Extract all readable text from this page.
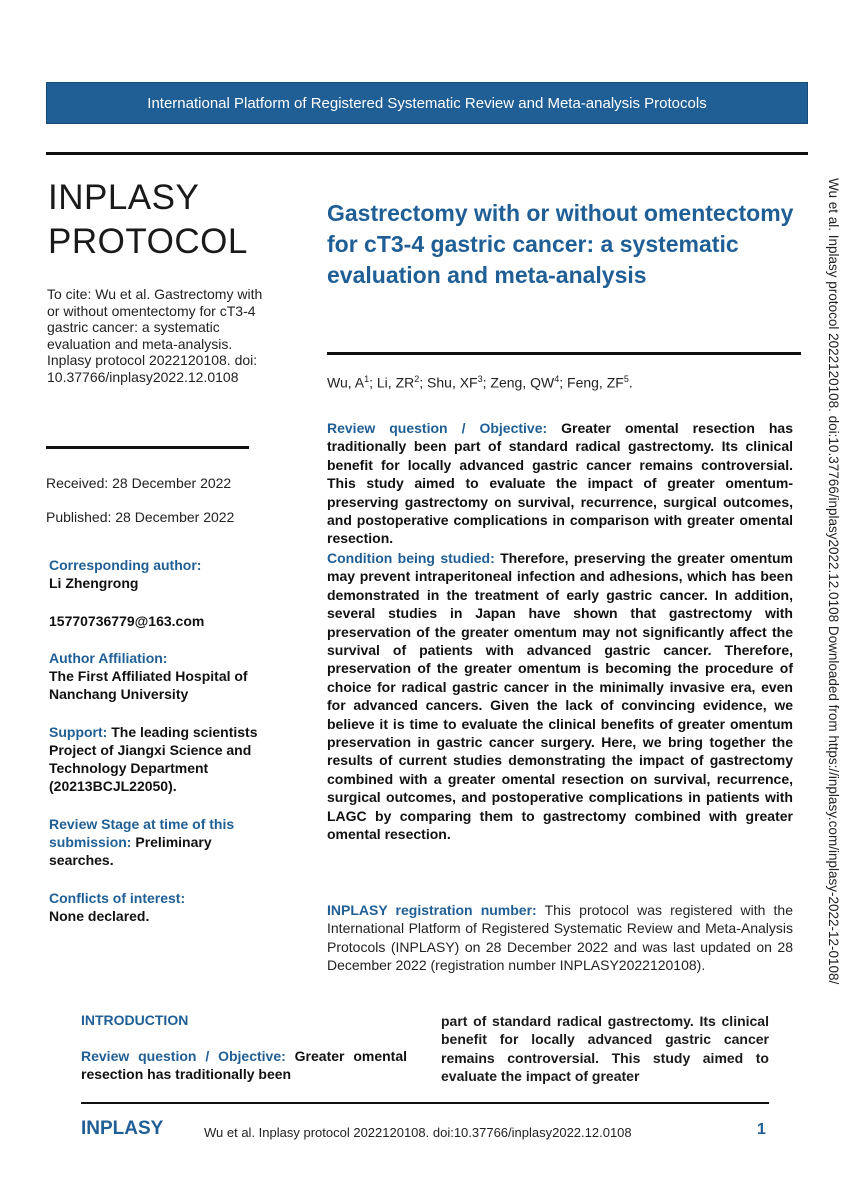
International Platform of Registered Systematic Review and Meta-analysis Protocols
INPLASY
PROTOCOL
To cite: Wu et al. Gastrectomy with or without omentectomy for cT3-4 gastric cancer: a systematic evaluation and meta-analysis. Inplasy protocol 2022120108. doi: 10.37766/inplasy2022.12.0108
Received: 28 December 2022
Published: 28 December 2022
Corresponding author:
Li Zhengrong
15770736779@163.com
Author Affiliation:
The First Affiliated Hospital of Nanchang University
Support: The leading scientists Project of Jiangxi Science and Technology Department (20213BCJL22050).
Review Stage at time of this submission: Preliminary searches.
Conflicts of interest:
None declared.
Gastrectomy with or without omentectomy for cT3-4 gastric cancer: a systematic evaluation and meta-analysis
Wu, $A^1$; Li, $ZR^2$; Shu, $XF^3$; Zeng, $QW^4$; Feng, $ZF^5$.
Review question / Objective: Greater omental resection has traditionally been part of standard radical gastrectomy. Its clinical benefit for locally advanced gastric cancer remains controversial. This study aimed to evaluate the impact of greater omentum-preserving gastrectomy on survival, recurrence, surgical outcomes, and postoperative complications in comparison with greater omental resection.
Condition being studied: Therefore, preserving the greater omentum may prevent intraperitoneal infection and adhesions, which has been demonstrated in the treatment of early gastric cancer. In addition, several studies in Japan have shown that gastrectomy with preservation of the greater omentum may not significantly affect the survival of patients with advanced gastric cancer. Therefore, preservation of the greater omentum is becoming the procedure of choice for radical gastric cancer in the minimally invasive era, even for advanced cancers. Given the lack of convincing evidence, we believe it is time to evaluate the clinical benefits of greater omentum preservation in gastric cancer surgery. Here, we bring together the results of current studies demonstrating the impact of gastrectomy combined with a greater omental resection on survival, recurrence, surgical outcomes, and postoperative complications in patients with LAGC by comparing them to gastrectomy combined with greater omental resection.
INPLASY registration number: This protocol was registered with the International Platform of Registered Systematic Review and Meta-Analysis Protocols (INPLASY) on 28 December 2022 and was last updated on 28 December 2022 (registration number INPLASY2022120108).
INTRODUCTION
Review question / Objective: Greater omental resection has traditionally been
part of standard radical gastrectomy. Its clinical benefit for locally advanced gastric cancer remains controversial. This study aimed to evaluate the impact of greater
Wu et al. Inplasy protocol 2022120108. doi:10.37766/inplasy2022.12.0108 Downloaded from https://inplasy.com/inplasy-2022-12-0108/
INPLASY	Wu et al. Inplasy protocol 2022120108. doi:10.37766/inplasy2022.12.0108	1
